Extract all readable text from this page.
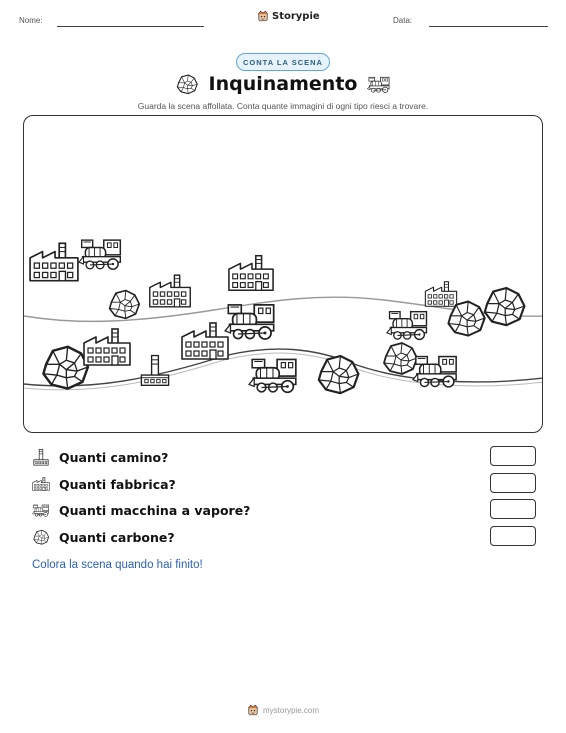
Nome:	Storypie	Data:
CONTA LA SCENA
Inquinamento
Guarda la scena affollata. Conta quante immagini di ogni tipo riesci a trovare.
Quanti camino?
Quanti fabbrica?
Quanti macchina a vapore?
Quanti carbone?
Colora la scena quando hai finito!
mystorypie.com
